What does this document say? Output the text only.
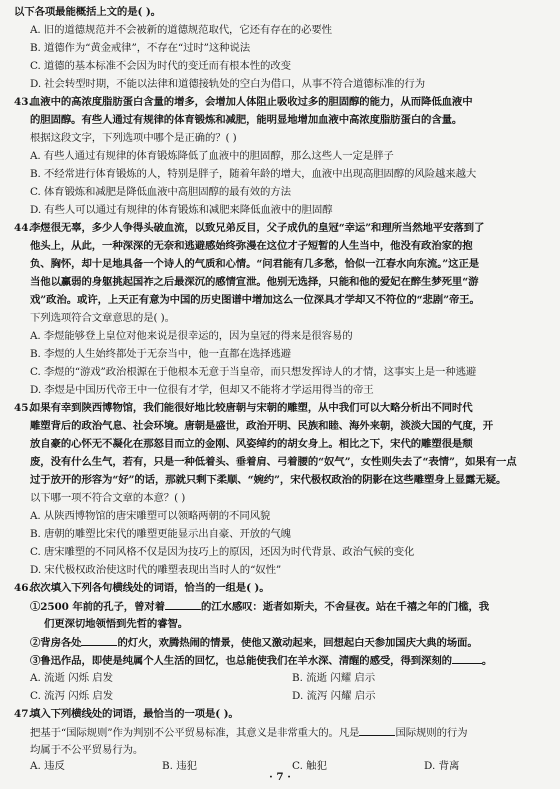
以下各项最能概括上文的是( )。
A. 旧的道德规范并不会被新的道德规范取代，它还有存在的必要性
B. 道德作为“黄金戒律”，不存在“过时”这种说法
C. 道德的基本标准不会因为时代的变迁而有根本性的改变
D. 社会转型时期，不能以法律和道德接轨处的空白为借口，从事不符合道德标准的行为
43.
血液中的高浓度脂肪蛋白含量的增多，会增加人体阻止吸收过多的胆固醇的能力，从而降低血液中
的胆固醇。有些人通过有规律的体育锻炼和减肥，能明显地增加血液中高浓度脂肪蛋白的含量。
根据这段文字，下列选项中哪个是正确的？( )
A. 有些人通过有规律的体育锻炼降低了血液中的胆固醇，那么这些人一定是胖子
B. 不经常进行体育锻炼的人，特别是胖子，随着年龄的增大，血液中出现高胆固醇的风险越来越大
C. 体育锻炼和减肥是降低血液中高胆固醇的最有效的方法
D. 有些人可以通过有规律的体育锻炼和减肥来降低血液中的胆固醇
44.
李煜很无辜，多少人争得头破血流，以致兄弟反目，父子成仇的皇冠“幸运”和理所当然地平安落到了
他头上，从此，一种深深的无奈和逃避感始终弥漫在这位才子短暂的人生当中，他没有政治家的抱
负、胸怀，却十足地具备一个诗人的气质和心情。“问君能有几多愁，恰似一江春水向东流。”这正是
当他以赢弱的身躯挑起国祚之后最深沉的感情宣泄。他别无选择，只能和他的爱妃在醉生梦死里“游
戏”政治。或许，上天正有意为中国的历史图谱中增加这么一位深具才学却又不符位的“悲剧”帝王。
下列选项符合文章意思的是( )。
A. 李煜能够登上皇位对他来说是很幸运的，因为皇冠的得来是很容易的
B. 李煜的人生始终都处于无奈当中，他一直都在选择逃避
C. 李煜的“游戏”政治根源在于他根本无意于当皇帝，而只想发挥诗人的才情，这事实上是一种逃避
D. 李煜是中国历代帝王中一位很有才学，但却又不能将才学运用得当的帝王
45.
如果有幸到陕西博物馆，我们能很好地比较唐朝与宋朝的雕塑，从中我们可以大略分析出不同时代
雕塑背后的政治气息、社会环境。唐朝是盛世，政治开明、民族和睦、海外来朝，淡淡大国的气度，开
放自豪的心怀无不凝化在那怒目而立的金刚、风姿绰约的胡女身上。相比之下，宋代的雕塑很是颓
废，没有什么生气，若有，只是一种低着头、垂着肩、弓着腰的“奴气”，女性则失去了“表情”，如果有一点
过于放开的形容为“好”的话，那就只剩下柔顺、“婉约”，宋代极权政治的阴影在这些雕塑身上显露无疑。
以下哪一项不符合文章的本意？( )
A. 从陕西博物馆的唐宋雕塑可以领略两朝的不同风貌
B. 唐朝的雕塑比宋代的雕塑更能显示出自豪、开放的气魄
C. 唐宋雕塑的不同风格不仅是因为技巧上的原因，还因为时代背景、政治气候的变化
D. 宋代极权政治使这时代的雕塑表现出当时人的“奴性”
46.
依次填入下列各句横线处的词语，恰当的一组是( )。
①2500 年前的孔子，曾对着	的江水感叹：逝者如斯夫，不舍昼夜。站在千禧之年的门槛，我
们更深切地领悟到先哲的睿智。
②背房各处	的灯火，欢腾热闹的情景，使他又激动起来，回想起白天参加国庆大典的场面。
③鲁迅作品，即使是纯属个人生活的回忆，也总能使我们在羊水深、清醒的感受，得到深刻的	。
A. 流逝 闪烁 启发	B. 流逝 闪耀 启示
C. 流泻 闪烁 启发	D. 流泻 闪耀 启示
47.
填入下列横线处的词语，最恰当的一项是( )。
把基于“国际规则”作为判别不公平贸易标准，其意义是非常重大的。凡是	国际规则的行为
均属于不公平贸易行为。
A. 违反	B. 违犯	C. 触犯	D. 背离
· 7 ·
